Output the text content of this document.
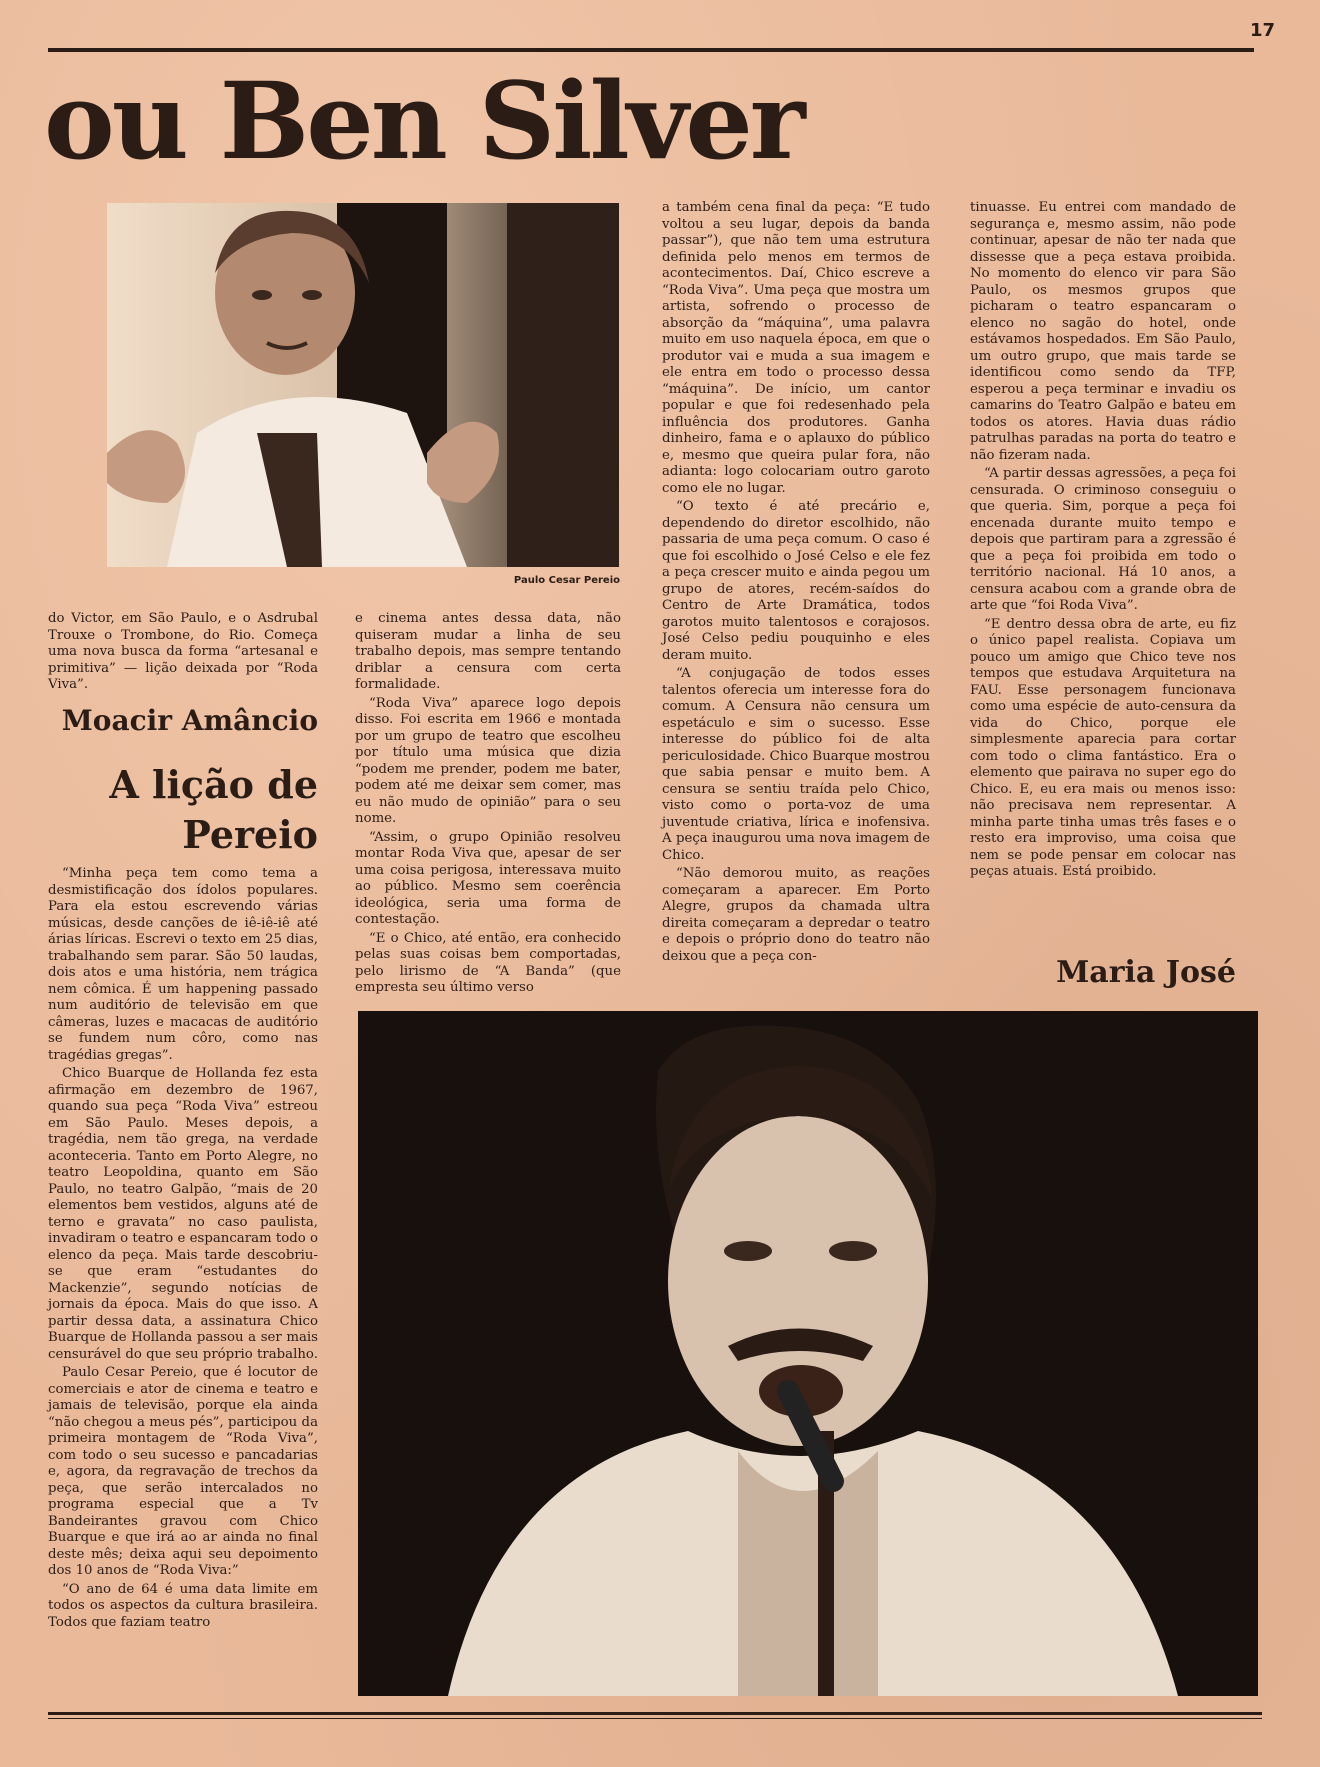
17
ou Ben Silver
Paulo Cesar Pereio

do Victor, em São Paulo, e o Asdrubal Trouxe o Trombone, do Rio. Começa uma nova busca da forma “artesanal e primitiva” — lição deixada por “Roda Viva”.

Moacir Amâncio
A lição de
Pereio

“Minha peça tem como tema a desmistificação dos ídolos populares. Para ela estou escrevendo várias músicas, desde canções de iê-iê-iê até árias líricas. Escrevi o texto em 25 dias, trabalhando sem parar. São 50 laudas, dois atos e uma história, nem trágica nem cômica. É um happening passado num auditório de televisão em que câmeras, luzes e macacas de auditório se fundem num côro, como nas tragédias gregas”.

Chico Buarque de Hollanda fez esta afirmação em dezembro de 1967, quando sua peça “Roda Viva” estreou em São Paulo. Meses depois, a tragédia, nem tão grega, na verdade aconteceria. Tanto em Porto Alegre, no teatro Leopoldina, quanto em São Paulo, no teatro Galpão, “mais de 20 elementos bem vestidos, alguns até de terno e gravata” no caso paulista, invadiram o teatro e espancaram todo o elenco da peça. Mais tarde descobriu-se que eram “estudantes do Mackenzie”, segundo notícias de jornais da época. Mais do que isso. A partir dessa data, a assinatura Chico Buarque de Hollanda passou a ser mais censurável do que seu próprio trabalho.

Paulo Cesar Pereio, que é locutor de comerciais e ator de cinema e teatro e jamais de televisão, porque ela ainda “não chegou a meus pés”, participou da primeira montagem de “Roda Viva”, com todo o seu sucesso e pancadarias e, agora, da regravação de trechos da peça, que serão intercalados no programa especial que a Tv Bandeirantes gravou com Chico Buarque e que irá ao ar ainda no final deste mês; deixa aqui seu depoimento dos 10 anos de “Roda Viva:”

“O ano de 64 é uma data limite em todos os aspectos da cultura brasileira. Todos que faziam teatro

e cinema antes dessa data, não quiseram mudar a linha de seu trabalho depois, mas sempre tentando driblar a censura com certa formalidade.

“Roda Viva” aparece logo depois disso. Foi escrita em 1966 e montada por um grupo de teatro que escolheu por título uma música que dizia “podem me prender, podem me bater, podem até me deixar sem comer, mas eu não mudo de opinião” para o seu nome.

“Assim, o grupo Opinião resolveu montar Roda Viva que, apesar de ser uma coisa perigosa, interessava muito ao público. Mesmo sem coerência ideológica, seria uma forma de contestação.

“E o Chico, até então, era conhecido pelas suas coisas bem comportadas, pelo lirismo de “A Banda” (que empresta seu último verso

a também cena final da peça: “E tudo voltou a seu lugar, depois da banda passar”), que não tem uma estrutura definida pelo menos em termos de acontecimentos. Daí, Chico escreve a “Roda Viva”. Uma peça que mostra um artista, sofrendo o processo de absorção da “máquina”, uma palavra muito em uso naquela época, em que o produtor vai e muda a sua imagem e ele entra em todo o processo dessa “máquina”. De início, um cantor popular e que foi redesenhado pela influência dos produtores. Ganha dinheiro, fama e o aplauxo do público e, mesmo que queira pular fora, não adianta: logo colocariam outro garoto como ele no lugar.

“O texto é até precário e, dependendo do diretor escolhido, não passaria de uma peça comum. O caso é que foi escolhido o José Celso e ele fez a peça crescer muito e ainda pegou um grupo de atores, recém-saídos do Centro de Arte Dramática, todos garotos muito talentosos e corajosos. José Celso pediu pouquinho e eles deram muito.

“A conjugação de todos esses talentos oferecia um interesse fora do comum. A Censura não censura um espetáculo e sim o sucesso. Esse interesse do público foi de alta periculosidade. Chico Buarque mostrou que sabia pensar e muito bem. A censura se sentiu traída pelo Chico, visto como o porta-voz de uma juventude criativa, lírica e inofensiva. A peça inaugurou uma nova imagem de Chico.

“Não demorou muito, as reações começaram a aparecer. Em Porto Alegre, grupos da chamada ultra direita começaram a depredar o teatro e depois o próprio dono do teatro não deixou que a peça con-

tinuasse. Eu entrei com mandado de segurança e, mesmo assim, não pode continuar, apesar de não ter nada que dissesse que a peça estava proibida. No momento do elenco vir para São Paulo, os mesmos grupos que picharam o teatro espancaram o elenco no sagão do hotel, onde estávamos hospedados. Em São Paulo, um outro grupo, que mais tarde se identificou como sendo da TFP, esperou a peça terminar e invadiu os camarins do Teatro Galpão e bateu em todos os atores. Havia duas rádio patrulhas paradas na porta do teatro e não fizeram nada.

“A partir dessas agressões, a peça foi censurada. O criminoso conseguiu o que queria. Sim, porque a peça foi encenada durante muito tempo e depois que partiram para a zgressão é que a peça foi proibida em todo o território nacional. Há 10 anos, a censura acabou com a grande obra de arte que “foi Roda Viva”.

“E dentro dessa obra de arte, eu fiz o único papel realista. Copiava um pouco um amigo que Chico teve nos tempos que estudava Arquitetura na FAU. Esse personagem funcionava como uma espécie de auto-censura da vida do Chico, porque ele simplesmente aparecia para cortar com todo o clima fantástico. Era o elemento que pairava no super ego do Chico. E, eu era mais ou menos isso: não precisava nem representar. A minha parte tinha umas três fases e o resto era improviso, uma coisa que nem se pode pensar em colocar nas peças atuais. Está proibido.

Maria José
